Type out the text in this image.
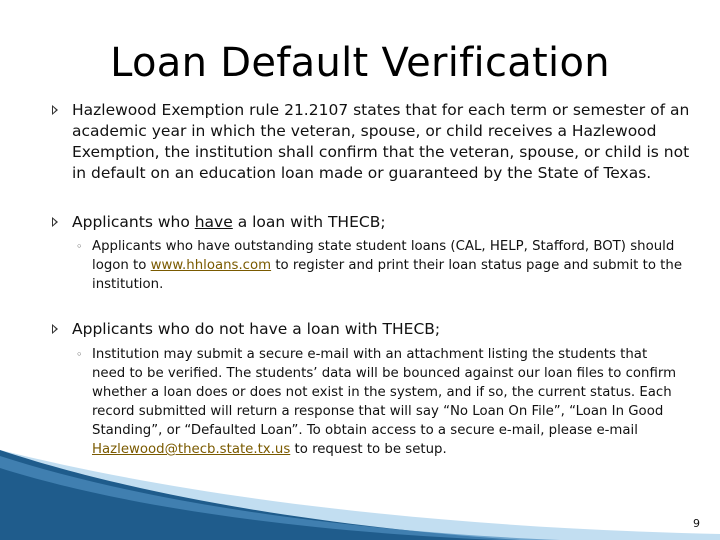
Loan Default Verification
Hazlewood Exemption rule 21.2107 states that for each term or semester of an academic year in which the veteran, spouse, or child receives a Hazlewood Exemption, the institution shall confirm that the veteran, spouse, or child is not in default on an education loan made or guaranteed by the State of Texas.
Applicants who have a loan with THECB;
◦ Applicants who have outstanding state student loans (CAL, HELP, Stafford, BOT) should logon to www.hhloans.com to register and print their loan status page and submit to the institution.
Applicants who do not have a loan with THECB;
◦ Institution may submit a secure e-mail with an attachment listing the students that need to be verified. The students’ data will be bounced against our loan files to confirm whether a loan does or does not exist in the system, and if so, the current status. Each record submitted will return a response that will say “No Loan On File”, “Loan In Good Standing”, or “Defaulted Loan”. To obtain access to a secure e-mail, please e-mail Hazlewood@thecb.state.tx.us to request to be setup.
9
